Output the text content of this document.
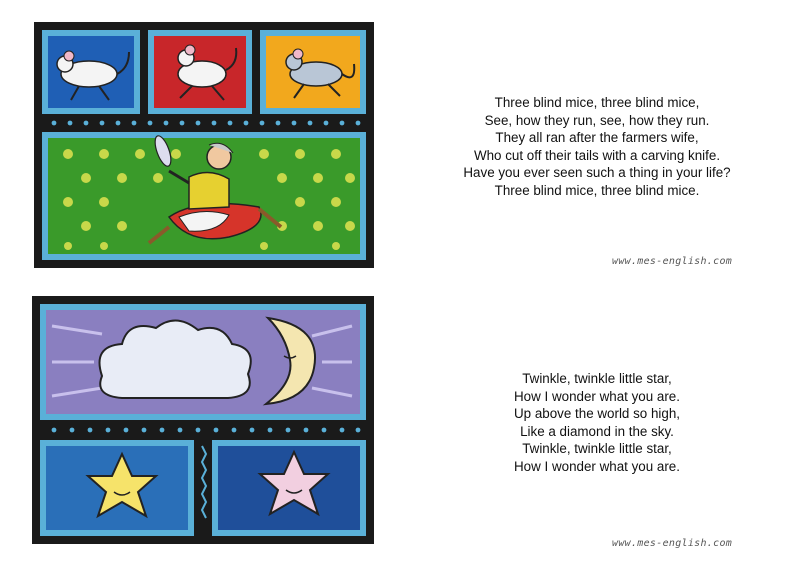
Three blind mice, three blind mice,
See, how they run, see, how they run.
They all ran after the farmers wife,
Who cut off their tails with a carving knife.
Have you ever seen such a thing in your life?
Three blind mice, three blind mice.
www.mes-english.com
Twinkle, twinkle little star,
How I wonder what you are.
Up above the world so high,
Like a diamond in the sky.
Twinkle, twinkle little star,
How I wonder what you are.
www.mes-english.com
